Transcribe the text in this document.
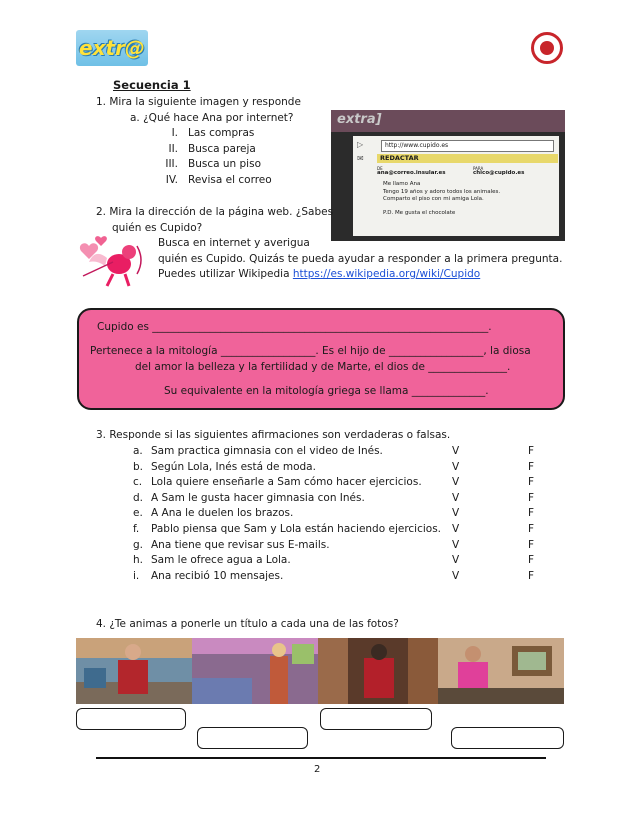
extr@
Secuencia 1
1. Mira la siguiente imagen y responde
a. ¿Qué hace Ana por internet?
I. Las compras
II. Busca pareja
III. Busca un piso
IV. Revisa el correo
extra]
▷	http://www.cupido.es
✉	REDACTAR
DE	PARA
ana@correo.insular.es	chico@cupido.es
Me llamo Ana
Tengo 19 años y adoro todos los animales.
Comparto el piso con mi amiga Lola.
P.D. Me gusta el chocolate
2. Mira la dirección de la página web. ¿Sabes
quién es Cupido?
Busca en internet y averigua
quién es Cupido. Quizás te pueda ayudar a responder a la primera pregunta.
Puedes utilizar Wikipedia https://es.wikipedia.org/wiki/Cupido
Cupido es ________________________________________________________________.
Pertenece a la mitología __________________. Es el hijo de __________________, la diosa
del amor la belleza y la fertilidad y de Marte, el dios de _______________.
Su equivalente en la mitología griega se llama ______________.
3. Responde si las siguientes afirmaciones son verdaderas o falsas.
a. Sam practica gimnasia con el video de Inés.	V	F
b. Según Lola, Inés está de moda.	V	F
c. Lola quiere enseñarle a Sam cómo hacer ejercicios.	V	F
d. A Sam le gusta hacer gimnasia con Inés.	V	F
e. A Ana le duelen los brazos.	V	F
f. Pablo piensa que Sam y Lola están haciendo ejercicios. V	F
g. Ana tiene que revisar sus E-mails.	V	F
h. Sam le ofrece agua a Lola.	V	F
i. Ana recibió 10 mensajes.	V	F
4. ¿Te animas a ponerle un título a cada una de las fotos?
2
